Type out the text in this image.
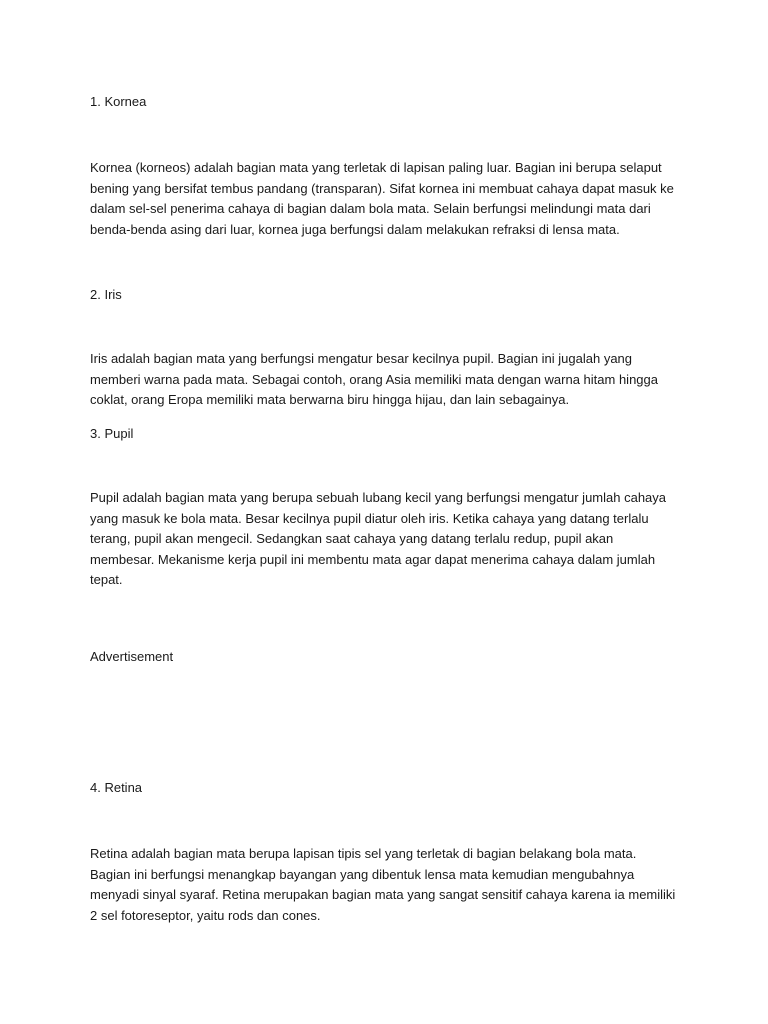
1. Kornea

Kornea (korneos) adalah bagian mata yang terletak di lapisan paling luar. Bagian ini berupa selaput bening yang bersifat tembus pandang (transparan). Sifat kornea ini membuat cahaya dapat masuk ke dalam sel-sel penerima cahaya di bagian dalam bola mata. Selain berfungsi melindungi mata dari benda-benda asing dari luar, kornea juga berfungsi dalam melakukan refraksi di lensa mata.

2. Iris

Iris adalah bagian mata yang berfungsi mengatur besar kecilnya pupil. Bagian ini jugalah yang memberi warna pada mata. Sebagai contoh, orang Asia memiliki mata dengan warna hitam hingga coklat, orang Eropa memiliki mata berwarna biru hingga hijau, dan lain sebagainya.

3. Pupil

Pupil adalah bagian mata yang berupa sebuah lubang kecil yang berfungsi mengatur jumlah cahaya yang masuk ke bola mata. Besar kecilnya pupil diatur oleh iris. Ketika cahaya yang datang terlalu terang, pupil akan mengecil. Sedangkan saat cahaya yang datang terlalu redup, pupil akan membesar. Mekanisme kerja pupil ini membentu mata agar dapat menerima cahaya dalam jumlah tepat.

Advertisement

4. Retina

Retina adalah bagian mata berupa lapisan tipis sel yang terletak di bagian belakang bola mata. Bagian ini berfungsi menangkap bayangan yang dibentuk lensa mata kemudian mengubahnya menyadi sinyal syaraf. Retina merupakan bagian mata yang sangat sensitif cahaya karena ia memiliki 2 sel fotoreseptor, yaitu rods dan cones.
